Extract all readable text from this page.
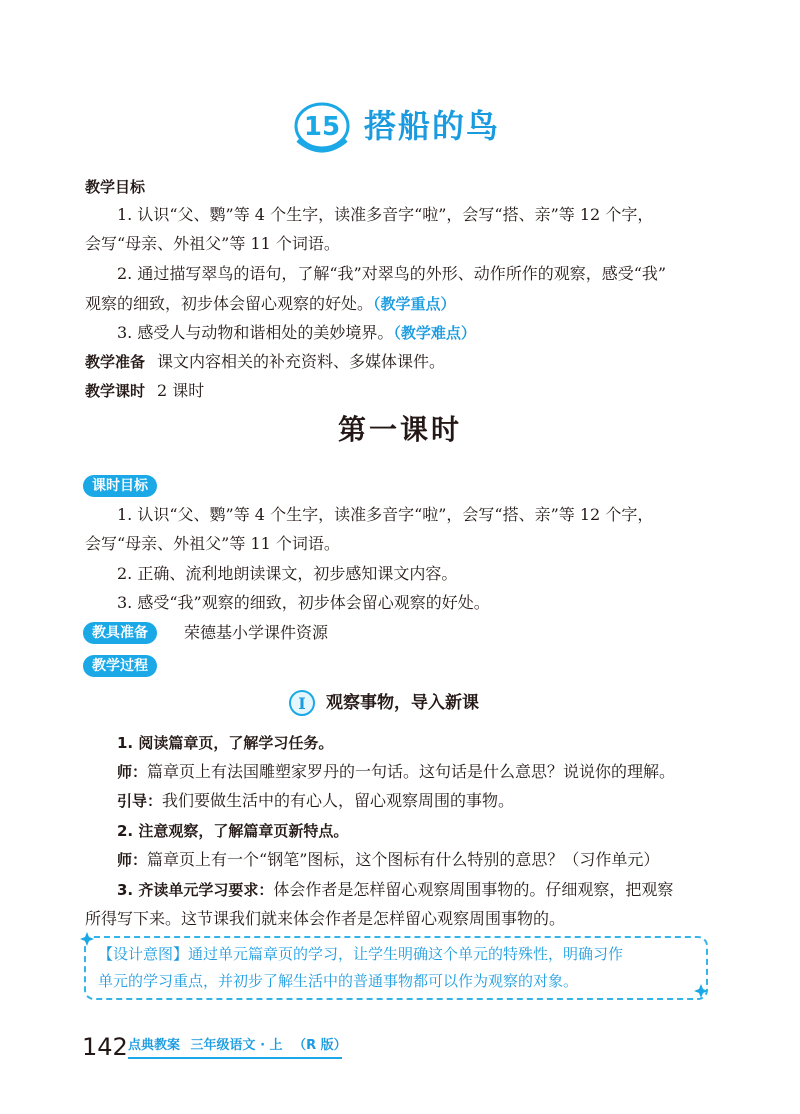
15 搭船的鸟
教学目标
1. 认识“父、鹦”等 4 个生字，读准多音字“啦”，会写“搭、亲”等 12 个字，
会写“母亲、外祖父”等 11 个词语。
2. 通过描写翠鸟的语句，了解“我”对翠鸟的外形、动作所作的观察，感受“我”
观察的细致，初步体会留心观察的好处。（教学重点）
3. 感受人与动物和谐相处的美妙境界。（教学难点）
教学准备 课文内容相关的补充资料、多媒体课件。
教学课时 2 课时
第一课时
课时目标
1. 认识“父、鹦”等 4 个生字，读准多音字“啦”，会写“搭、亲”等 12 个字，
会写“母亲、外祖父”等 11 个词语。
2. 正确、流利地朗读课文，初步感知课文内容。
3. 感受“我”观察的细致，初步体会留心观察的好处。
教具准备	荣德基小学课件资源
教学过程
I 观察事物，导入新课
1. 阅读篇章页，了解学习任务。
师：篇章页上有法国雕塑家罗丹的一句话。这句话是什么意思？说说你的理解。
引导：我们要做生活中的有心人，留心观察周围的事物。
2. 注意观察，了解篇章页新特点。
师：篇章页上有一个“钢笔”图标，这个图标有什么特别的意思？（习作单元）
3. 齐读单元学习要求：体会作者是怎样留心观察周围事物的。仔细观察，把观察
所得写下来。这节课我们就来体会作者是怎样留心观察周围事物的。
【设计意图】通过单元篇章页的学习，让学生明确这个单元的特殊性，明确习作
单元的学习重点，并初步了解生活中的普通事物都可以作为观察的对象。
142 点典教案 三年级语文 · 上 （R 版）
